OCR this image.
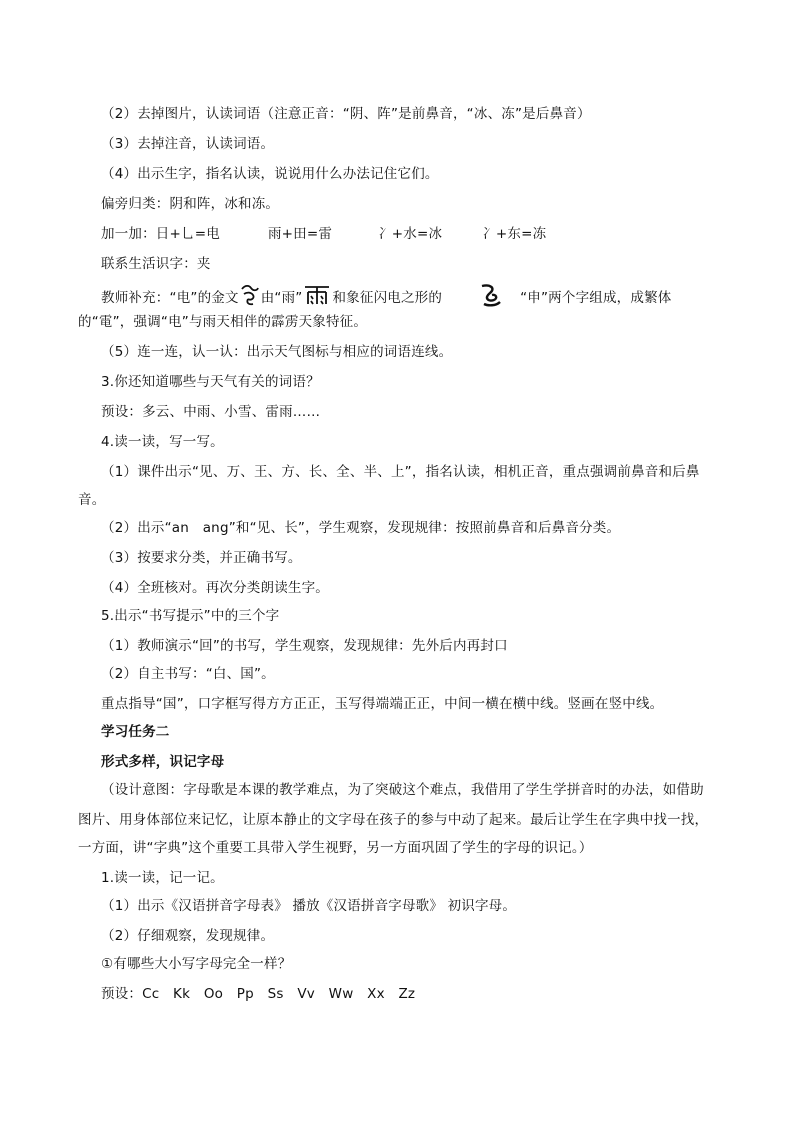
（2）去掉图片，认读词语（注意正音：“阴、阵”是前鼻音，“冰、冻”是后鼻音）
（3）去掉注音，认读词语。
（4）出示生字，指名认读，说说用什么办法记住它们。
偏旁归类：阴和阵，冰和冻。
加一加：日+乚=电	雨+田=雷	冫+水=冰	冫+东=冻
联系生活识字：夹
教师补充：“电”的金文 由“雨” 和象征闪电之形的	“申”两个字组成，成繁体
的“電”，强调“电”与雨天相伴的霹雳天象特征。
（5）连一连，认一认：出示天气图标与相应的词语连线。
3.你还知道哪些与天气有关的词语？
预设：多云、中雨、小雪、雷雨……
4.读一读，写一写。
（1）课件出示“见、万、王、方、长、全、半、上”，指名认读，相机正音，重点强调前鼻音和后鼻
音。
（2）出示“an　ang”和“见、长”，学生观察，发现规律：按照前鼻音和后鼻音分类。
（3）按要求分类，并正确书写。
（4）全班核对。再次分类朗读生字。
5.出示“书写提示”中的三个字
（1）教师演示“回”的书写，学生观察，发现规律：先外后内再封口
（2）自主书写：“白、国”。
重点指导“国”，口字框写得方方正正，玉写得端端正正，中间一横在横中线。竖画在竖中线。
学习任务二
形式多样，识记字母
（设计意图：字母歌是本课的教学难点，为了突破这个难点，我借用了学生学拼音时的办法，如借助
图片、用身体部位来记忆，让原本静止的文字母在孩子的参与中动了起来。最后让学生在字典中找一找，
一方面，讲“字典”这个重要工具带入学生视野，另一方面巩固了学生的字母的识记。）
1.读一读，记一记。
（1）出示《汉语拼音字母表》 播放《汉语拼音字母歌》 初识字母。
（2）仔细观察，发现规律。
①有哪些大小写字母完全一样？
预设：Cc　Kk　Oo　Pp　Ss　Vv　Ww　Xx　Zz
